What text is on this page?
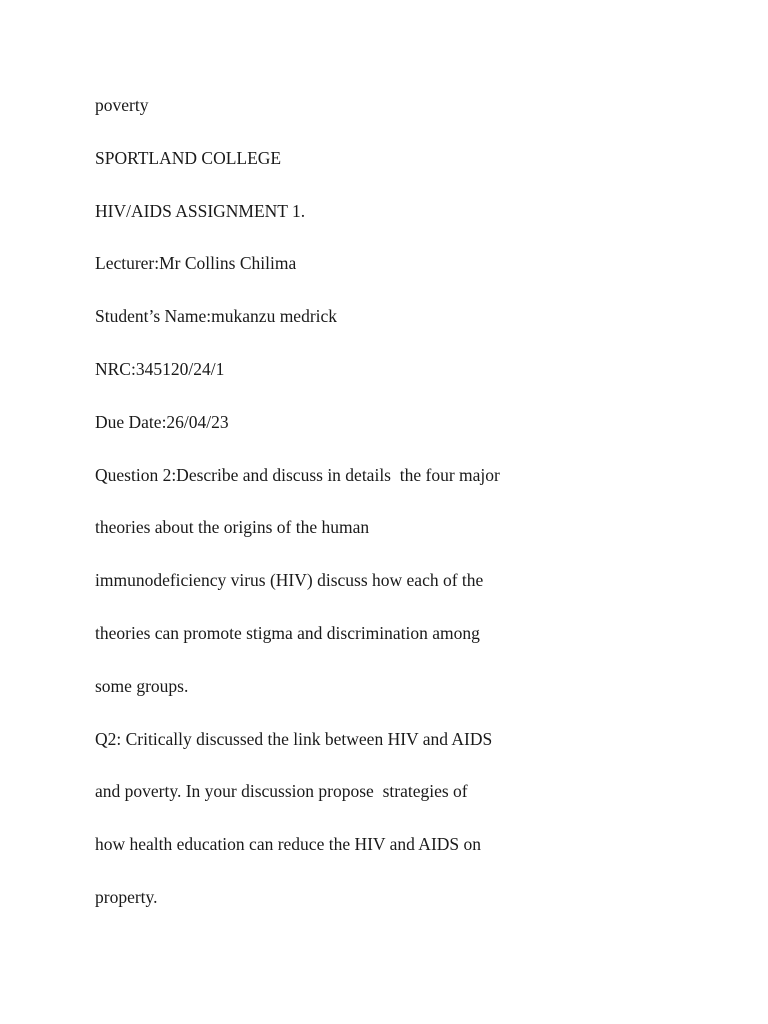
poverty

SPORTLAND COLLEGE

HIV/AIDS ASSIGNMENT 1.

Lecturer:Mr Collins Chilima

Student’s Name:mukanzu medrick

NRC:345120/24/1

Due Date:26/04/23

Question 2:Describe and discuss in details  the four major

theories about the origins of the human

immunodeficiency virus (HIV) discuss how each of the

theories can promote stigma and discrimination among

some groups.

Q2: Critically discussed the link between HIV and AIDS

and poverty. In your discussion propose  strategies of

how health education can reduce the HIV and AIDS on

property.
